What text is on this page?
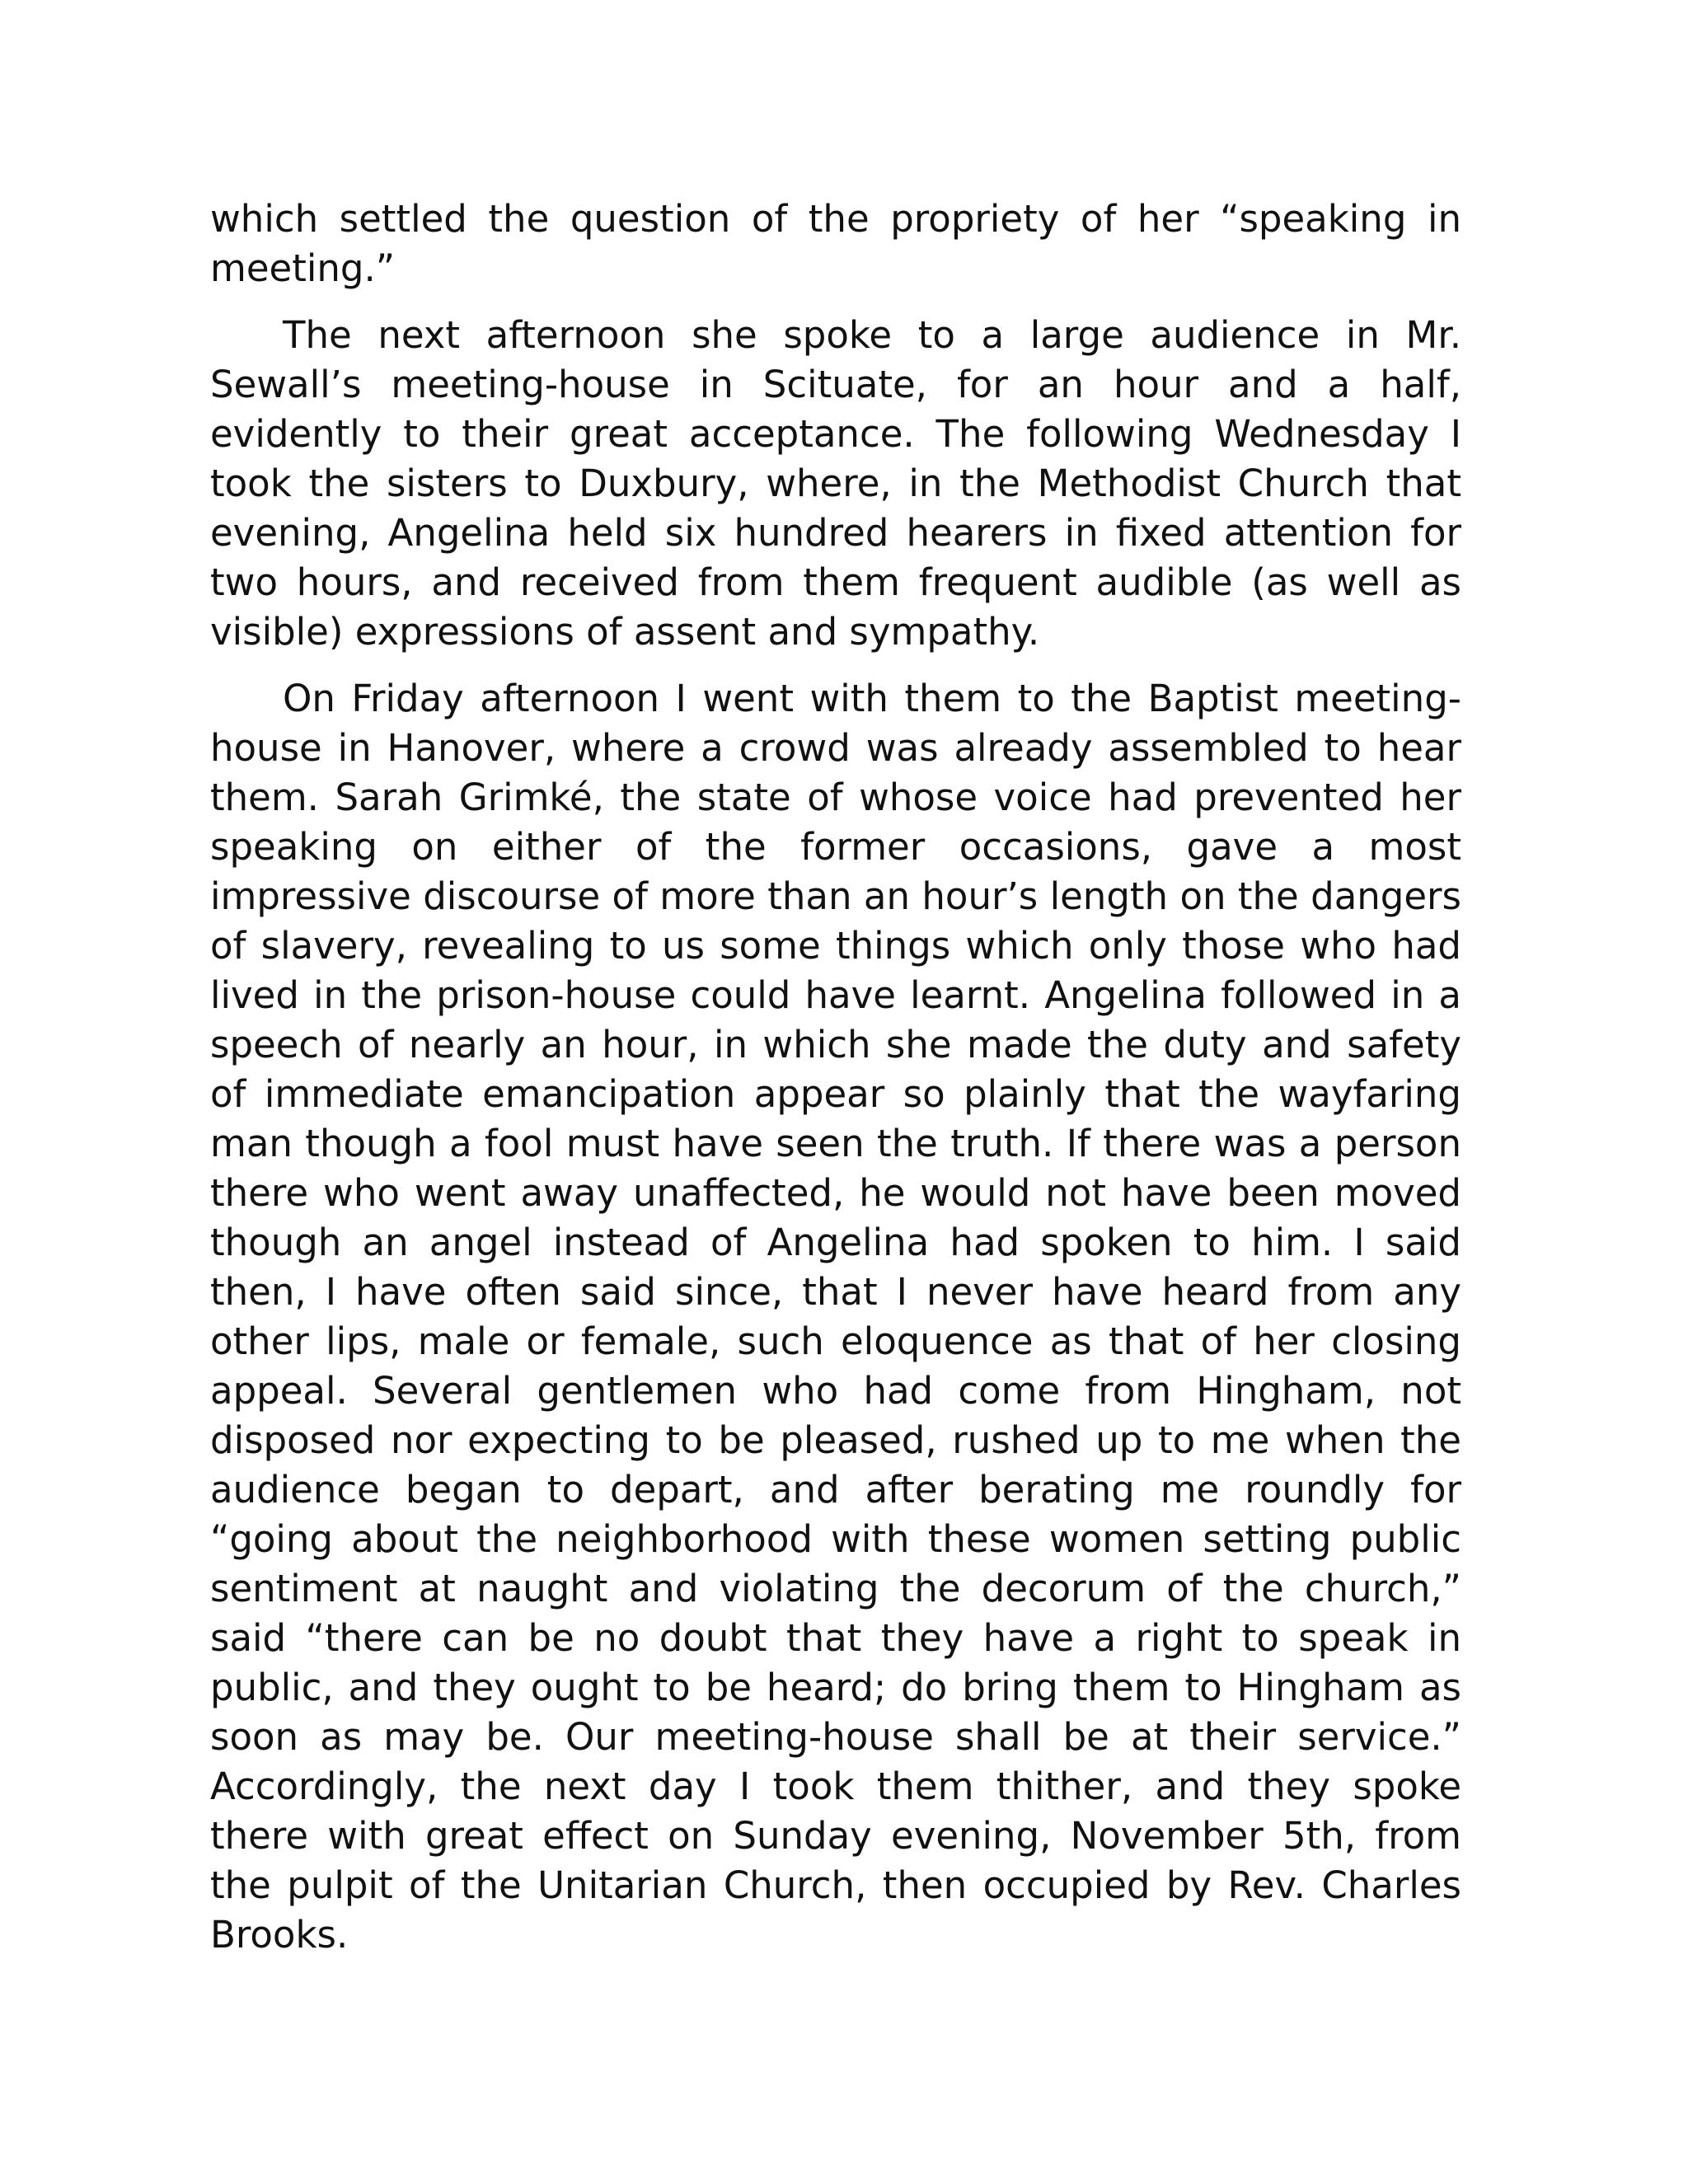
which settled the question of the propriety of her “speaking in meeting.”

The next afternoon she spoke to a large audience in Mr. Sewall’s meeting-house in Scituate, for an hour and a half, evidently to their great acceptance. The following Wednesday I took the sisters to Duxbury, where, in the Methodist Church that evening, Angelina held six hundred hearers in fixed attention for two hours, and received from them frequent audible (as well as visible) expressions of assent and sympathy.

On Friday afternoon I went with them to the Baptist meeting-house in Hanover, where a crowd was already assembled to hear them. Sarah Grimké, the state of whose voice had prevented her speaking on either of the former occasions, gave a most impressive discourse of more than an hour’s length on the dangers of slavery, revealing to us some things which only those who had lived in the prison-house could have learnt. Angelina followed in a speech of nearly an hour, in which she made the duty and safety of immediate emancipation appear so plainly that the wayfaring man though a fool must have seen the truth. If there was a person there who went away unaffected, he would not have been moved though an angel instead of Angelina had spoken to him. I said then, I have often said since, that I never have heard from any other lips, male or female, such eloquence as that of her closing appeal. Several gentlemen who had come from Hingham, not disposed nor expecting to be pleased, rushed up to me when the audience began to depart, and after berating me roundly for “going about the neighborhood with these women setting public sentiment at naught and violating the decorum of the church,” said “there can be no doubt that they have a right to speak in public, and they ought to be heard; do bring them to Hingham as soon as may be. Our meeting-house shall be at their service.” Accordingly, the next day I took them thither, and they spoke there with great effect on Sunday evening, November 5th, from the pulpit of the Unitarian Church, then occupied by Rev. Charles Brooks.
